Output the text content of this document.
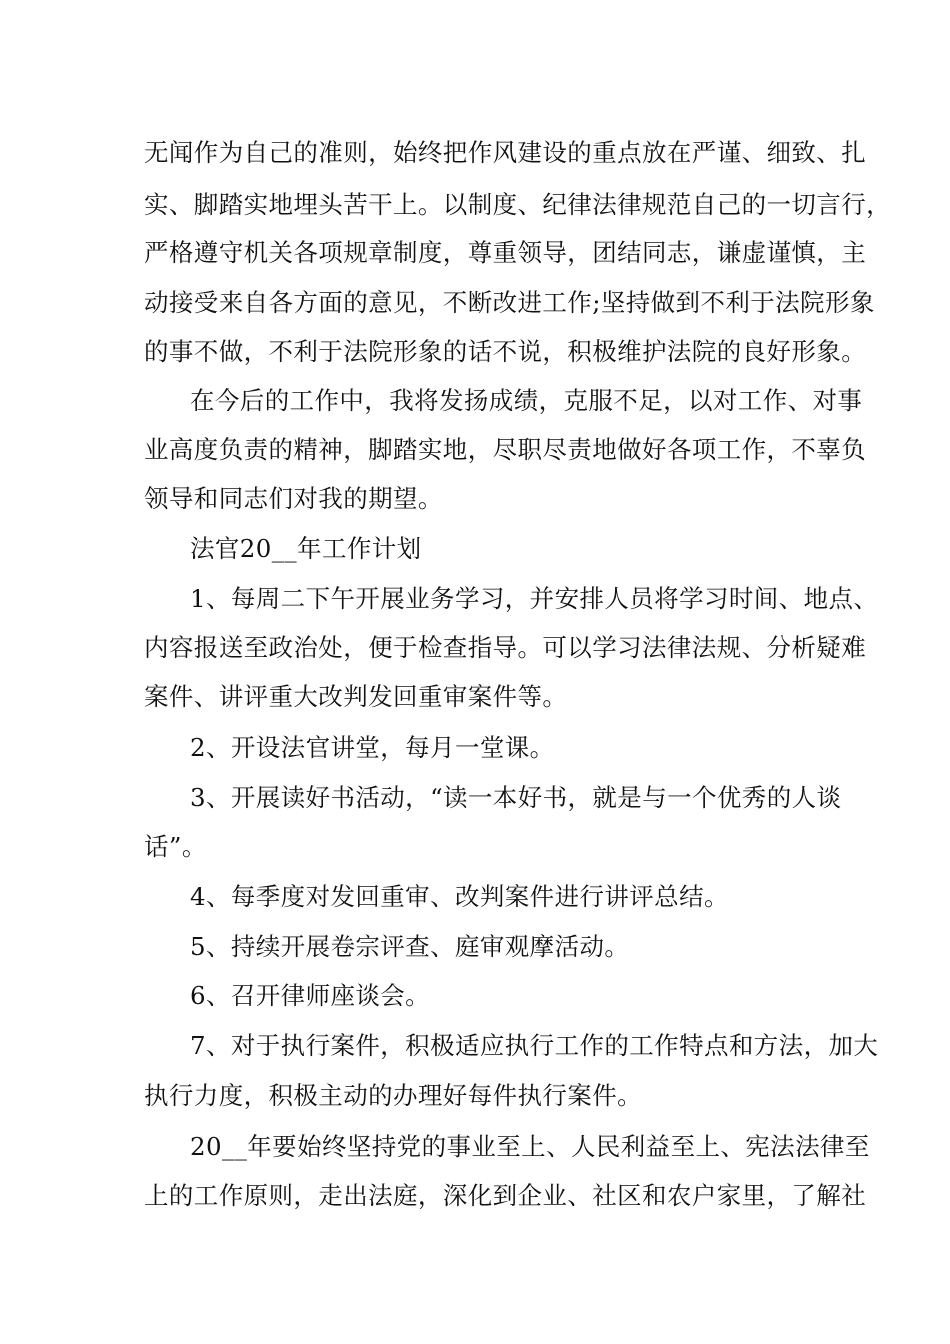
无闻作为自己的准则，始终把作风建设的重点放在严谨、细致、扎
实、脚踏实地埋头苦干上。以制度、纪律法律规范自己的一切言行，
严格遵守机关各项规章制度，尊重领导，团结同志，谦虚谨慎，主
动接受来自各方面的意见，不断改进工作;坚持做到不利于法院形象
的事不做，不利于法院形象的话不说，积极维护法院的良好形象。
在今后的工作中，我将发扬成绩，克服不足，以对工作、对事
业高度负责的精神，脚踏实地，尽职尽责地做好各项工作，不辜负
领导和同志们对我的期望。
法官20__年工作计划
1、每周二下午开展业务学习，并安排人员将学习时间、地点、
内容报送至政治处，便于检查指导。可以学习法律法规、分析疑难
案件、讲评重大改判发回重审案件等。
2、开设法官讲堂，每月一堂课。
3、开展读好书活动，“读一本好书，就是与一个优秀的人谈
话”。
4、每季度对发回重审、改判案件进行讲评总结。
5、持续开展卷宗评查、庭审观摩活动。
6、召开律师座谈会。
7、对于执行案件，积极适应执行工作的工作特点和方法，加大
执行力度，积极主动的办理好每件执行案件。
20__年要始终坚持党的事业至上、人民利益至上、宪法法律至
上的工作原则，走出法庭，深化到企业、社区和农户家里，了解社
